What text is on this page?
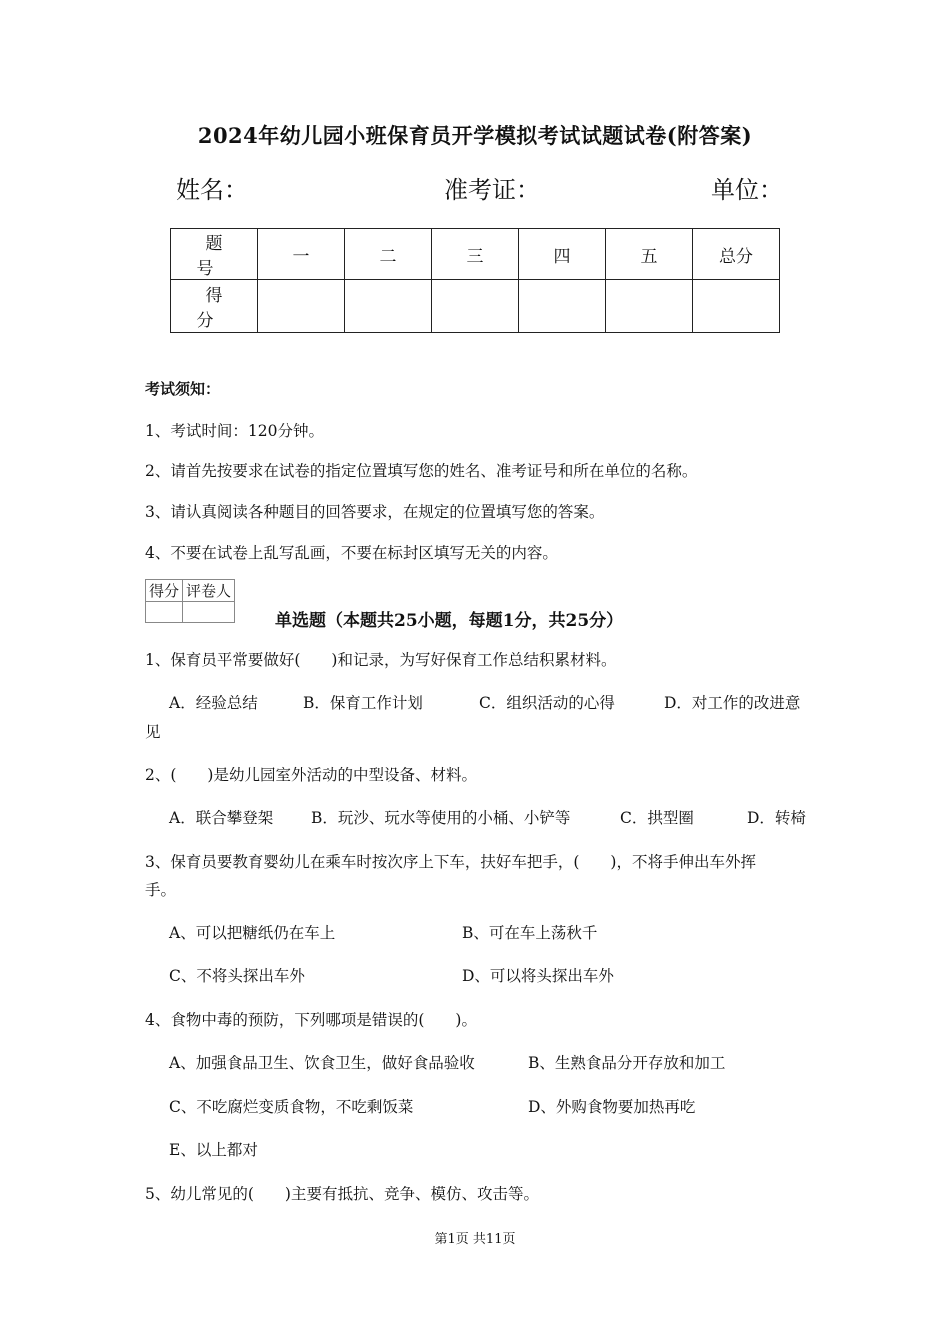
2024年幼儿园小班保育员开学模拟考试试题试卷(附答案)
姓名：	准考证：	单位：
题 号	一	二	三	四	五	总分
得 分						
考试须知：
1、考试时间：120分钟。
2、请首先按要求在试卷的指定位置填写您的姓名、准考证号和所在单位的名称。
3、请认真阅读各种题目的回答要求，在规定的位置填写您的答案。
4、不要在试卷上乱写乱画，不要在标封区填写无关的内容。
得分	评卷人

单选题（本题共25小题，每题1分，共25分）
1、保育员平常要做好(　　)和记录，为写好保育工作总结积累材料。
A．经验总结	B．保育工作计划	C．组织活动的心得	D．对工作的改进意
见
2、(　　)是幼儿园室外活动的中型设备、材料。
A．联合攀登架 B．玩沙、玩水等使用的小桶、小铲等	C．拱型圈	D．转椅
3、保育员要教育婴幼儿在乘车时按次序上下车，扶好车把手，(　　)，不将手伸出车外挥
手。
A、可以把糖纸仍在车上	B、可在车上荡秋千
C、不将头探出车外	D、可以将头探出车外
4、食物中毒的预防，下列哪项是错误的(　　)。
A、加强食品卫生、饮食卫生，做好食品验收	B、生熟食品分开存放和加工
C、不吃腐烂变质食物，不吃剩饭菜	D、外购食物要加热再吃
E、以上都对
5、幼儿常见的(　　)主要有抵抗、竞争、模仿、攻击等。
第1页 共11页
